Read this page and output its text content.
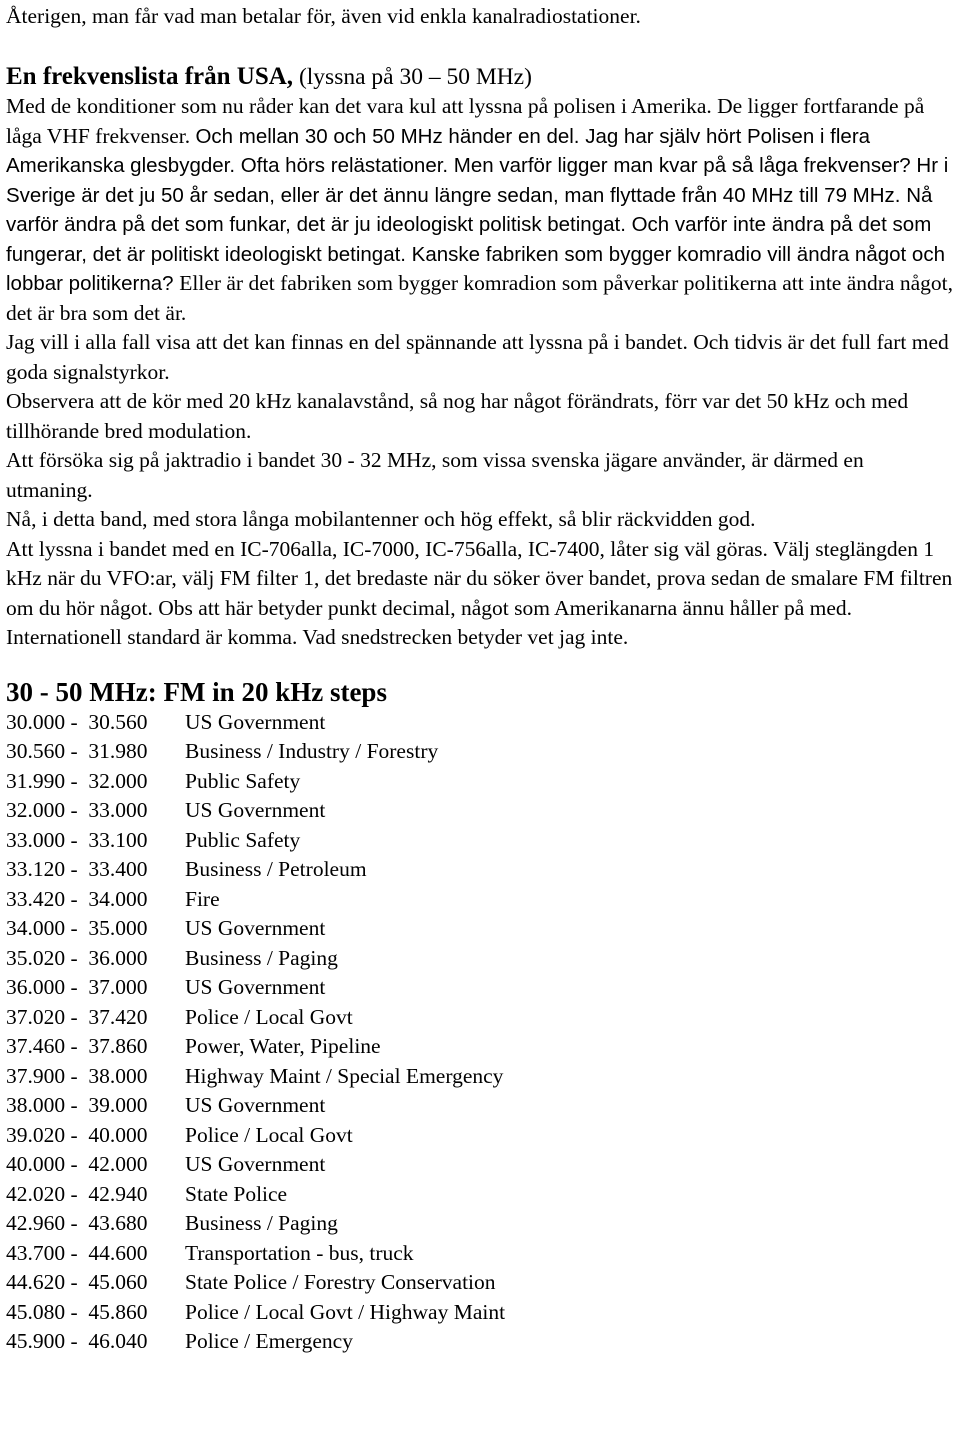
Återigen, man får vad man betalar för, även vid enkla kanalradiostationer.

En frekvenslista från USA, (lyssna på 30 – 50 MHz)

Med de konditioner som nu råder kan det vara kul att lyssna på polisen i Amerika. De ligger fortfarande på låga VHF frekvenser. Och mellan 30 och 50 MHz händer en del. Jag har själv hört Polisen i flera Amerikanska glesbygder. Ofta hörs relästationer. Men varför ligger man kvar på så låga frekvenser? Hr i Sverige är det ju 50 år sedan, eller är det ännu längre sedan, man flyttade från 40 MHz till 79 MHz. Nå varför ändra på det som funkar, det är ju ideologiskt politisk betingat. Och varför inte ändra på det som fungerar, det är politiskt ideologiskt betingat. Kanske fabriken som bygger komradio vill ändra något och lobbar politikerna? Eller är det fabriken som bygger komradion som påverkar politikerna att inte ändra något, det är bra som det är.

Jag vill i alla fall visa att det kan finnas en del spännande att lyssna på i bandet. Och tidvis är det full fart med goda signalstyrkor.

Observera att de kör med 20 kHz kanalavstånd, så nog har något förändrats, förr var det 50 kHz och med tillhörande bred modulation.

Att försöka sig på jaktradio i bandet 30 - 32 MHz, som vissa svenska jägare använder, är därmed en utmaning.

Nå, i detta band, med stora långa mobilantenner och hög effekt, så blir räckvidden god.

Att lyssna i bandet med en IC-706alla, IC-7000, IC-756alla, IC-7400, låter sig väl göras. Välj steglängden 1 kHz när du VFO:ar, välj FM filter 1, det bredaste när du söker över bandet, prova sedan de smalare FM filtren om du hör något. Obs att här betyder punkt decimal, något som Amerikanarna ännu håller på med. Internationell standard är komma. Vad snedstrecken betyder vet jag inte.

30 - 50 MHz: FM in 20 kHz steps
30.000 -  30.560	US Government
30.560 -  31.980	Business / Industry / Forestry
31.990 -  32.000	Public Safety
32.000 -  33.000	US Government
33.000 -  33.100	Public Safety
33.120 -  33.400	Business / Petroleum
33.420 -  34.000	Fire
34.000 -  35.000	US Government
35.020 -  36.000	Business / Paging
36.000 -  37.000	US Government
37.020 -  37.420	Police / Local Govt
37.460 -  37.860	Power, Water, Pipeline
37.900 -  38.000	Highway Maint / Special Emergency
38.000 -  39.000	US Government
39.020 -  40.000	Police / Local Govt
40.000 -  42.000	US Government
42.020 -  42.940	State Police
42.960 -  43.680	Business / Paging
43.700 -  44.600	Transportation - bus, truck
44.620 -  45.060	State Police / Forestry Conservation
45.080 -  45.860	Police / Local Govt / Highway Maint
45.900 -  46.040	Police / Emergency
